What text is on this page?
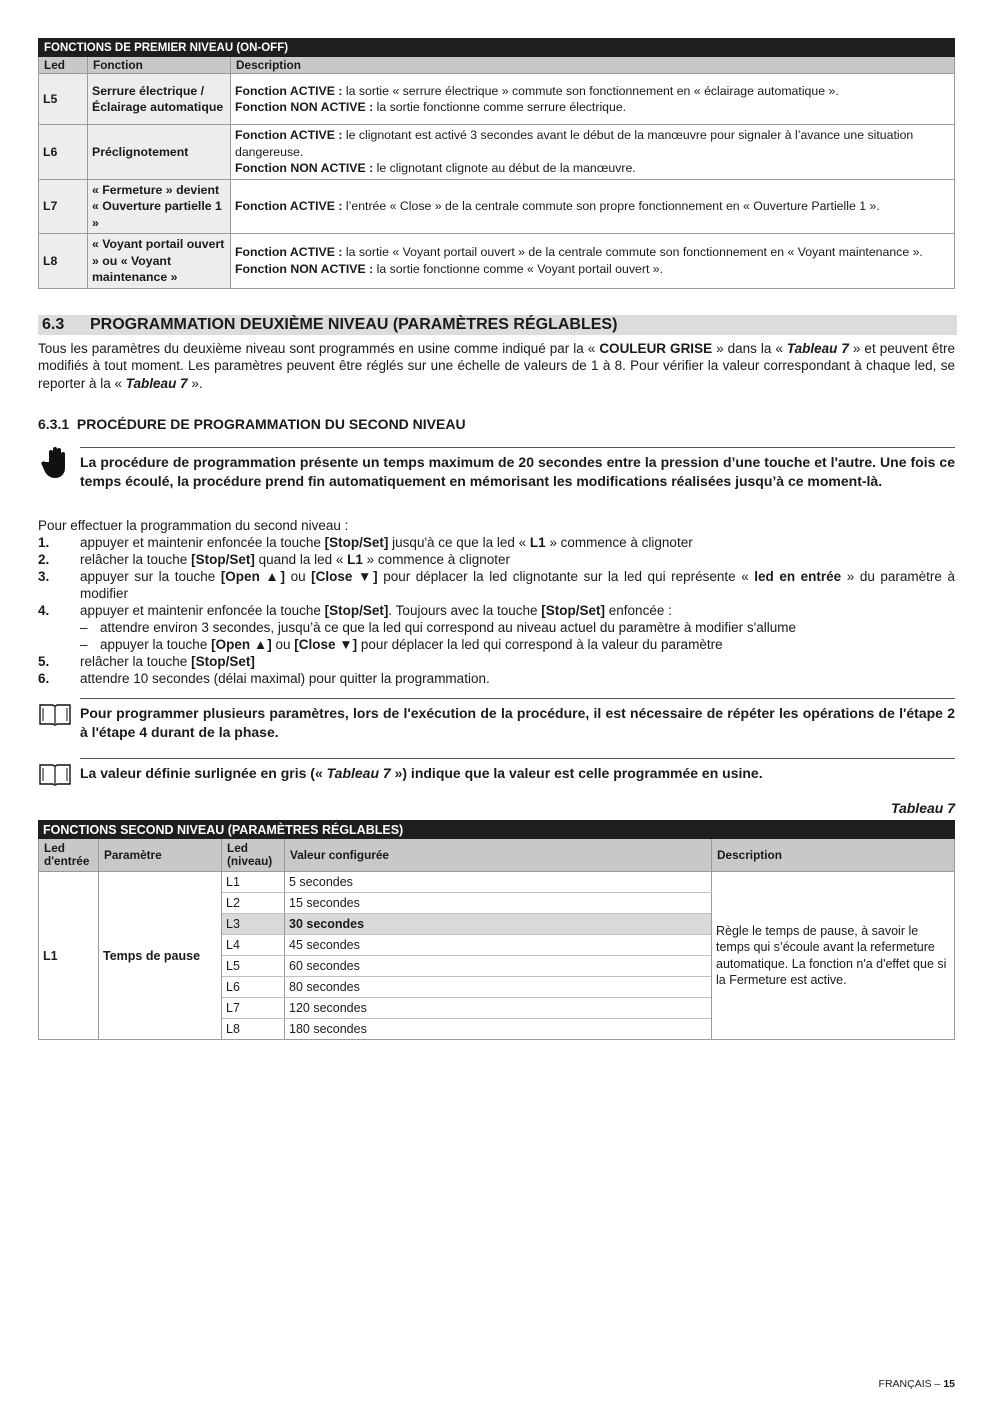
FONCTIONS DE PREMIER NIVEAU (ON-OFF)		
Led	Fonction	Description
L5	Serrure électrique / Éclairage automatique	Fonction ACTIVE : la sortie « serrure électrique » commute son fonctionnement en « éclairage automatique ».
Fonction NON ACTIVE : la sortie fonctionne comme serrure électrique.
L6	Préclignotement	Fonction ACTIVE : le clignotant est activé 3 secondes avant le début de la manœuvre pour signaler à l’avance une situation dangereuse.
Fonction NON ACTIVE : le clignotant clignote au début de la manœuvre.
L7	« Fermeture » devient « Ouverture partielle 1 »	Fonction ACTIVE : l’entrée « Close » de la centrale commute son propre fonctionnement en « Ouverture Partielle 1 ».
L8	« Voyant portail ouvert » ou « Voyant maintenance »	Fonction ACTIVE : la sortie « Voyant portail ouvert » de la centrale commute son fonctionnement en « Voyant maintenance ».
Fonction NON ACTIVE : la sortie fonctionne comme « Voyant portail ouvert ».
6.3 PROGRAMMATION DEUXIÈME NIVEAU (PARAMÈTRES RÉGLABLES)
Tous les paramètres du deuxième niveau sont programmés en usine comme indiqué par la « COULEUR GRISE » dans la « Tableau 7 » et peuvent être modifiés à tout moment. Les paramètres peuvent être réglés sur une échelle de valeurs de 1 à 8. Pour vérifier la valeur correspondant à chaque led, se reporter à la « Tableau 7 ».
6.3.1 PROCÉDURE DE PROGRAMMATION DU SECOND NIVEAU
La procédure de programmation présente un temps maximum de 20 secondes entre la pression d’une touche et l'autre. Une fois ce temps écoulé, la procédure prend fin automatiquement en mémorisant les modifications réalisées jusqu’à ce moment-là.
Pour effectuer la programmation du second niveau :
1. appuyer et maintenir enfoncée la touche [Stop/Set] jusqu'à ce que la led « L1 » commence à clignoter
2. relâcher la touche [Stop/Set] quand la led « L1 » commence à clignoter
3. appuyer sur la touche [Open ▲] ou [Close ▼] pour déplacer la led clignotante sur la led qui représente « led en entrée » du paramètre à modifier
4. appuyer et maintenir enfoncée la touche [Stop/Set]. Toujours avec la touche [Stop/Set] enfoncée :
– attendre environ 3 secondes, jusqu’à ce que la led qui correspond au niveau actuel du paramètre à modifier s'allume
– appuyer la touche [Open ▲] ou [Close ▼] pour déplacer la led qui correspond à la valeur du paramètre
5. relâcher la touche [Stop/Set]
6. attendre 10 secondes (délai maximal) pour quitter la programmation.
Pour programmer plusieurs paramètres, lors de l'exécution de la procédure, il est nécessaire de répéter les opérations de l'étape 2 à l'étape 4 durant de la phase.
La valeur définie surlignée en gris (« Tableau 7 ») indique que la valeur est celle programmée en usine.
Tableau 7
FONCTIONS SECOND NIVEAU (PARAMÈTRES RÉGLABLES)				
Led d'entrée	Paramètre	Led (niveau)	Valeur configurée	Description
L1	Temps de pause	L1	5 secondes	Règle le temps de pause, à savoir le temps qui s’écoule avant la refermeture automatique. La fonction n'a d'effet que si la Fermeture est active.
		L2	15 secondes	
		L3	30 secondes	
		L4	45 secondes	
		L5	60 secondes	
		L6	80 secondes	
		L7	120 secondes	
		L8	180 secondes	
FRANÇAIS – 15
